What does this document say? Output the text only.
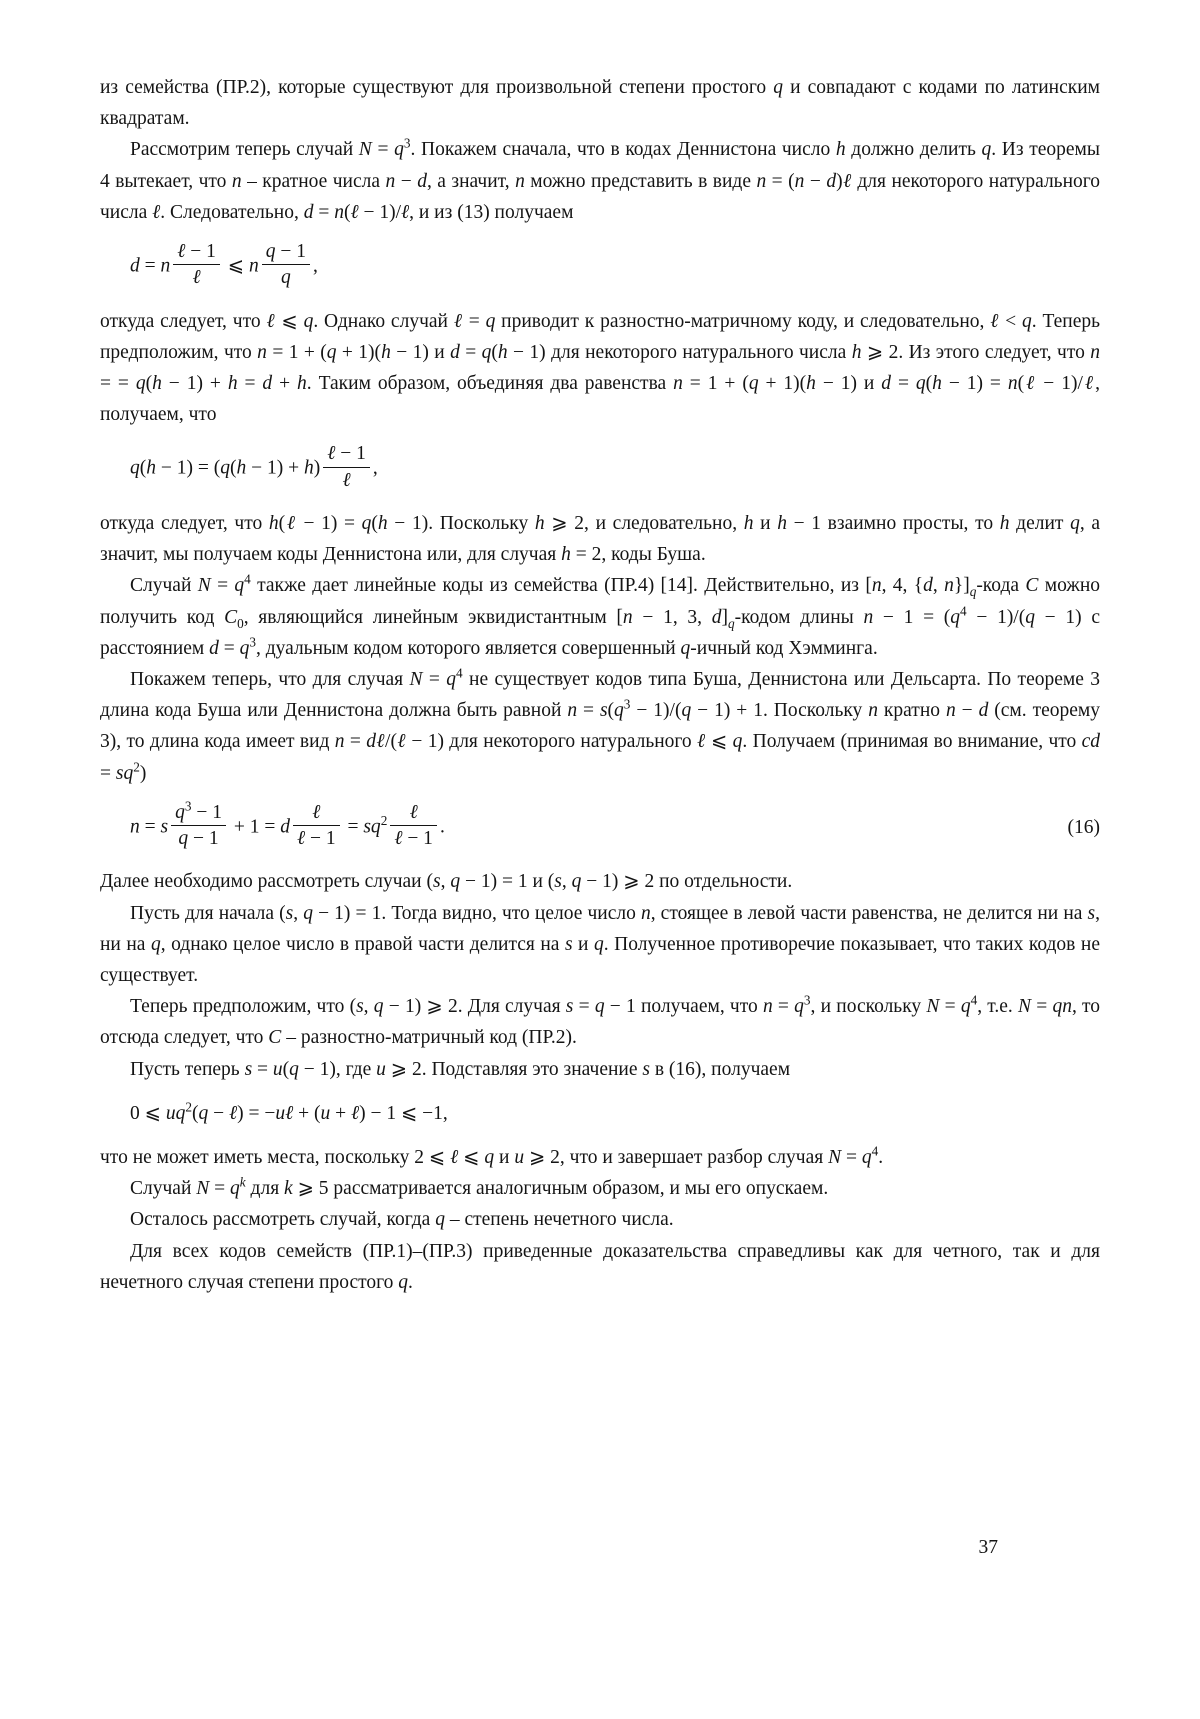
из семейства (ПР.2), которые существуют для произвольной степени простого q и совпадают с кодами по латинским квадратам.
Рассмотрим теперь случай $N = q^3$. Покажем сначала, что в кодах Деннистона число h должно делить q. Из теоремы 4 вытекает, что n – кратное числа n − d, а значит, n можно представить в виде n = (n − d)ℓ для некоторого натурального числа ℓ. Следовательно, d = n(ℓ − 1)/ℓ, и из (13) получаем
d = n $\frac{\text{ℓ − 1}}{\text{ℓ}}$ ⩽ n $\frac{q - 1}{q}$ ,
откуда следует, что ℓ ⩽ q. Однако случай ℓ = q приводит к разностно-матричному коду, и следовательно, ℓ < q. Теперь предположим, что n = 1 + (q + 1)(h − 1) и d = q(h − 1) для некоторого натурального числа h ⩾ 2. Из этого следует, что n = = q(h − 1) + h = d + h. Таким образом, объединяя два равенства n = 1 + (q + 1)(h − 1) и d = q(h − 1) = n(ℓ − 1)/ℓ, получаем, что
$q(h - 1) = (q(h - 1) + h) \frac{\text{ℓ − 1}}{\text{ℓ}}$ ,
откуда следует, что h(ℓ − 1) = q(h − 1). Поскольку h ⩾ 2, и следовательно, h и h − 1 взаимно просты, то h делит q, а значит, мы получаем коды Деннистона или, для случая h = 2, коды Буша.
Случай $N = q^4$ также дает линейные коды из семейства (ПР.4) [14]. Действительно, из [n, 4, {d, $n\}]_q$-кода C можно получить код $C_0$, являющийся линейным эквидистантным [n − 1, 3, $d]_q$-кодом длины $n - 1 = (q^4 - 1)/(q - 1)$ с расстоянием $d = q^3$, дуальным кодом которого является совершенный q-ичный код Хэмминга.
Покажем теперь, что для случая $N = q^4$ не существует кодов типа Буша, Деннистона или Дельсарта. По теореме 3 длина кода Буша или Деннистона должна быть равной $n = s(q^3 - 1)/(q - 1) + 1$. Поскольку n кратно n − d (см. теорему 3), то длина кода имеет вид n = dℓ/(ℓ − 1) для некоторого натурального ℓ ⩽ q. Получаем (принимая во внимание, что cd = $sq^2$)
n = s $\frac{q^3 - 1}{q - 1} + 1 = d \frac{\text{ℓ}}{\text{ℓ − 1}} = sq^2 \frac{\text{ℓ}}{\text{ℓ − 1}}$ .	(16)
Далее необходимо рассмотреть случаи (s, q − 1) = 1 и (s, q − 1) ⩾ 2 по отдельности.
Пусть для начала (s, q − 1) = 1. Тогда видно, что целое число n, стоящее в левой части равенства, не делится ни на s, ни на q, однако целое число в правой части делится на s и q. Полученное противоречие показывает, что таких кодов не существует.
Теперь предположим, что (s, q − 1) ⩾ 2. Для случая s = q − 1 получаем, что $n = q^3$, и поскольку $N = q^4$, т.е. N = qn, то отсюда следует, что C – разностно-матричный код (ПР.2).
Пусть теперь s = u(q − 1), где u ⩾ 2. Подставляя это значение s в (16), получаем
0 ⩽ $uq^2(q$ − ℓ) = −uℓ + (u + ℓ) − 1 ⩽ −1,
что не может иметь места, поскольку 2 ⩽ ℓ ⩽ q и u ⩾ 2, что и завершает разбор случая $N = q^4$.
Случай $N = q^k$ для k ⩾ 5 рассматривается аналогичным образом, и мы его опускаем.
Осталось рассмотреть случай, когда q – степень нечетного числа.
Для всех кодов семейств (ПР.1)–(ПР.3) приведенные доказательства справедливы как для четного, так и для нечетного случая степени простого q.
37
